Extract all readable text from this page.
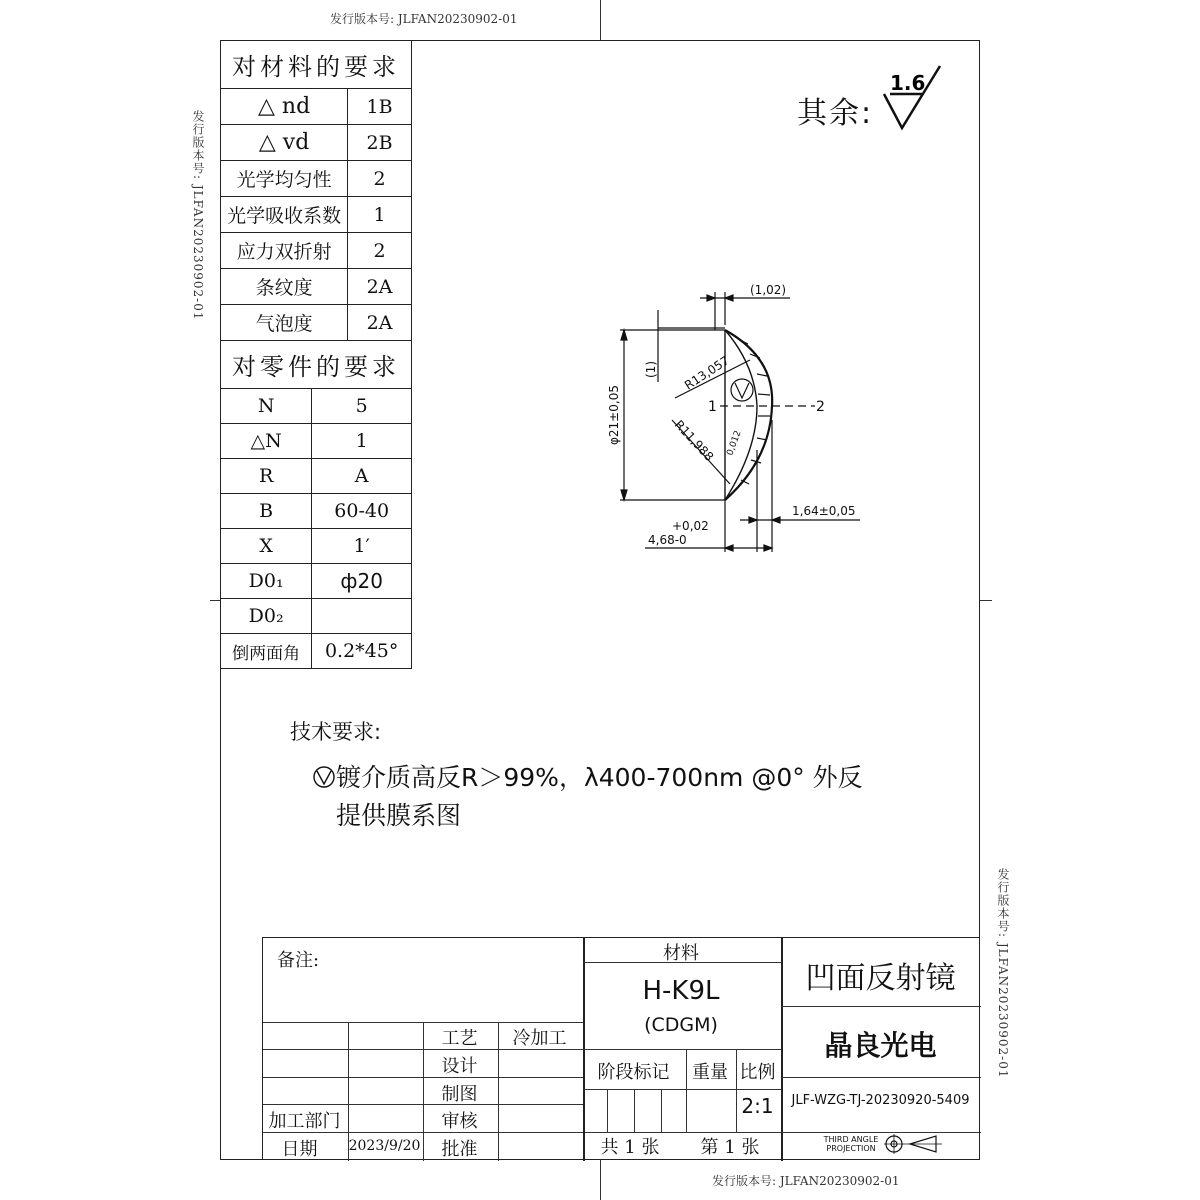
发行版本号: JLFAN20230902-01
发行版本号: JLFAN20230902-01
发行版本号: JLFAN20230902-01
发行版本号: JLFAN20230902-01
对材料的要求		
△ nd		1B
△ vd		2B
光学均匀性		2
光学吸收系数		1
应力双折射		2
条纹度		2A
气泡度		2A
对零件的要求		
N	5	
△N	1	
R	A	
B	60-40	
X	1′	
D0₁	ф20	
D0₂		
倒两面角	0.2*45°	
其余:
1.6
(1,02)
(1) R13,057
R11,988
φ21±0,05
1,64±0,05
+0,02
4,68-0
0,012
1	2
技术要求:
镀介质高反R＞99%，λ400-700nm @0° 外反
提供膜系图
备注:	材料
H-K9L
(CDGM)
凹面反射镜
晶良光电
工艺	冷加工
设计
制图
审核
批准
加工部门
日期	2023/9/20
阶段标记	重量 比例
2:1	JLF-WZG-TJ-20230920-5409
共 1 张	第 1 张	THIRD ANGLE
PROJECTION
